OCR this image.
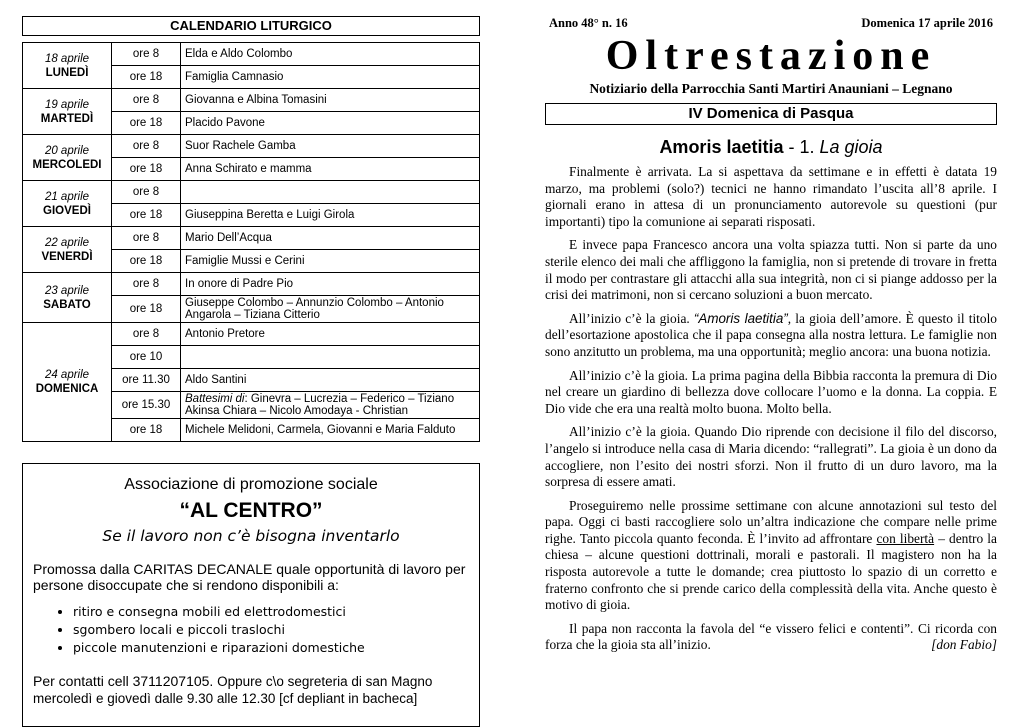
CALENDARIO LITURGICO
18 aprile
LUNEDÌ	ore 8	Elda e Aldo Colombo
	ore 18	Famiglia Camnasio

19 aprile
MARTEDÌ	ore 8	Giovanna e Albina Tomasini
	ore 18	Placido Pavone

20 aprile
MERCOLEDI	ore 8	Suor Rachele Gamba
	ore 18	Anna Schirato e mamma

21 aprile
GIOVEDÌ	ore 8	
	ore 18	Giuseppina Beretta e Luigi Girola

22 aprile
VENERDÌ	ore 8	Mario Dell’Acqua
	ore 18	Famiglie Mussi e Cerini

23 aprile
SABATO	ore 8	In onore di Padre Pio
	ore 18	Giuseppe Colombo – Annunzio Colombo – Antonio Angarola – Tiziana Citterio

24 aprile
DOMENICA	ore 8	Antonio Pretore
	ore 10	
	ore 11.30	Aldo Santini
	ore 15.30	Battesimi di: Ginevra – Lucrezia – Federico – Tiziano Akinsa Chiara – Nicolo Amodaya - Christian
	ore 18	Michele Melidoni, Carmela, Giovanni e Maria Falduto
Associazione di promozione sociale
“AL CENTRO”
Se il lavoro non c’è bisogna inventarlo
Promossa dalla CARITAS DECANALE quale opportunità di lavoro per persone disoccupate che si rendono disponibili a:
• ritiro e consegna mobili ed elettrodomestici
• sgombero locali e piccoli traslochi
• piccole manutenzioni e riparazioni domestiche
Per contatti cell 3711207105. Oppure c\o segreteria di san Magno mercoledì e giovedì dalle 9.30 alle 12.30 [cf depliant in bacheca]
Anno 48° n. 16	Domenica 17 aprile 2016
Oltrestazione
Notiziario della Parrocchia Santi Martiri Anauniani – Legnano
IV Domenica di Pasqua
Amoris laetitia - 1. La gioia

Finalmente è arrivata. La si aspettava da settimane e in effetti è datata 19 marzo, ma problemi (solo?) tecnici ne hanno rimandato l’uscita all’8 aprile. I giornali erano in attesa di un pronunciamento autorevole su questioni (pur importanti) tipo la comunione ai separati risposati.

E invece papa Francesco ancora una volta spiazza tutti. Non si parte da uno sterile elenco dei mali che affliggono la famiglia, non si pretende di trovare in fretta il modo per contrastare gli attacchi alla sua integrità, non ci si piange addosso per la crisi dei matrimoni, non si cercano soluzioni a buon mercato.

All’inizio c’è la gioia. “Amoris laetitia”, la gioia dell’amore. È questo il titolo dell’esortazione apostolica che il papa consegna alla nostra lettura. Le famiglie non sono anzitutto un problema, ma una opportunità; meglio ancora: una buona notizia.

All’inizio c’è la gioia. La prima pagina della Bibbia racconta la premura di Dio nel creare un giardino di bellezza dove collocare l’uomo e la donna. La coppia. E Dio vide che era una realtà molto buona. Molto bella.

All’inizio c’è la gioia. Quando Dio riprende con decisione il filo del discorso, l’angelo si introduce nella casa di Maria dicendo: “rallegrati”. La gioia è un dono da accogliere, non l’esito dei nostri sforzi. Non il frutto di un duro lavoro, ma la sorpresa di essere amati.

Proseguiremo nelle prossime settimane con alcune annotazioni sul testo del papa. Oggi ci basti raccogliere solo un’altra indicazione che compare nelle prime righe. Tanto piccola quanto feconda. È l’invito ad affrontare con libertà – dentro la chiesa – alcune questioni dottrinali, morali e pastorali. Il magistero non ha la risposta autorevole a tutte le domande; crea piuttosto lo spazio di un corretto e fraterno confronto che si prende carico della complessità della vita. Anche questo è motivo di gioia.

Il papa non racconta la favola del “e vissero felici e contenti”. Ci ricorda con forza che la gioia sta all’inizio.	[don Fabio]
